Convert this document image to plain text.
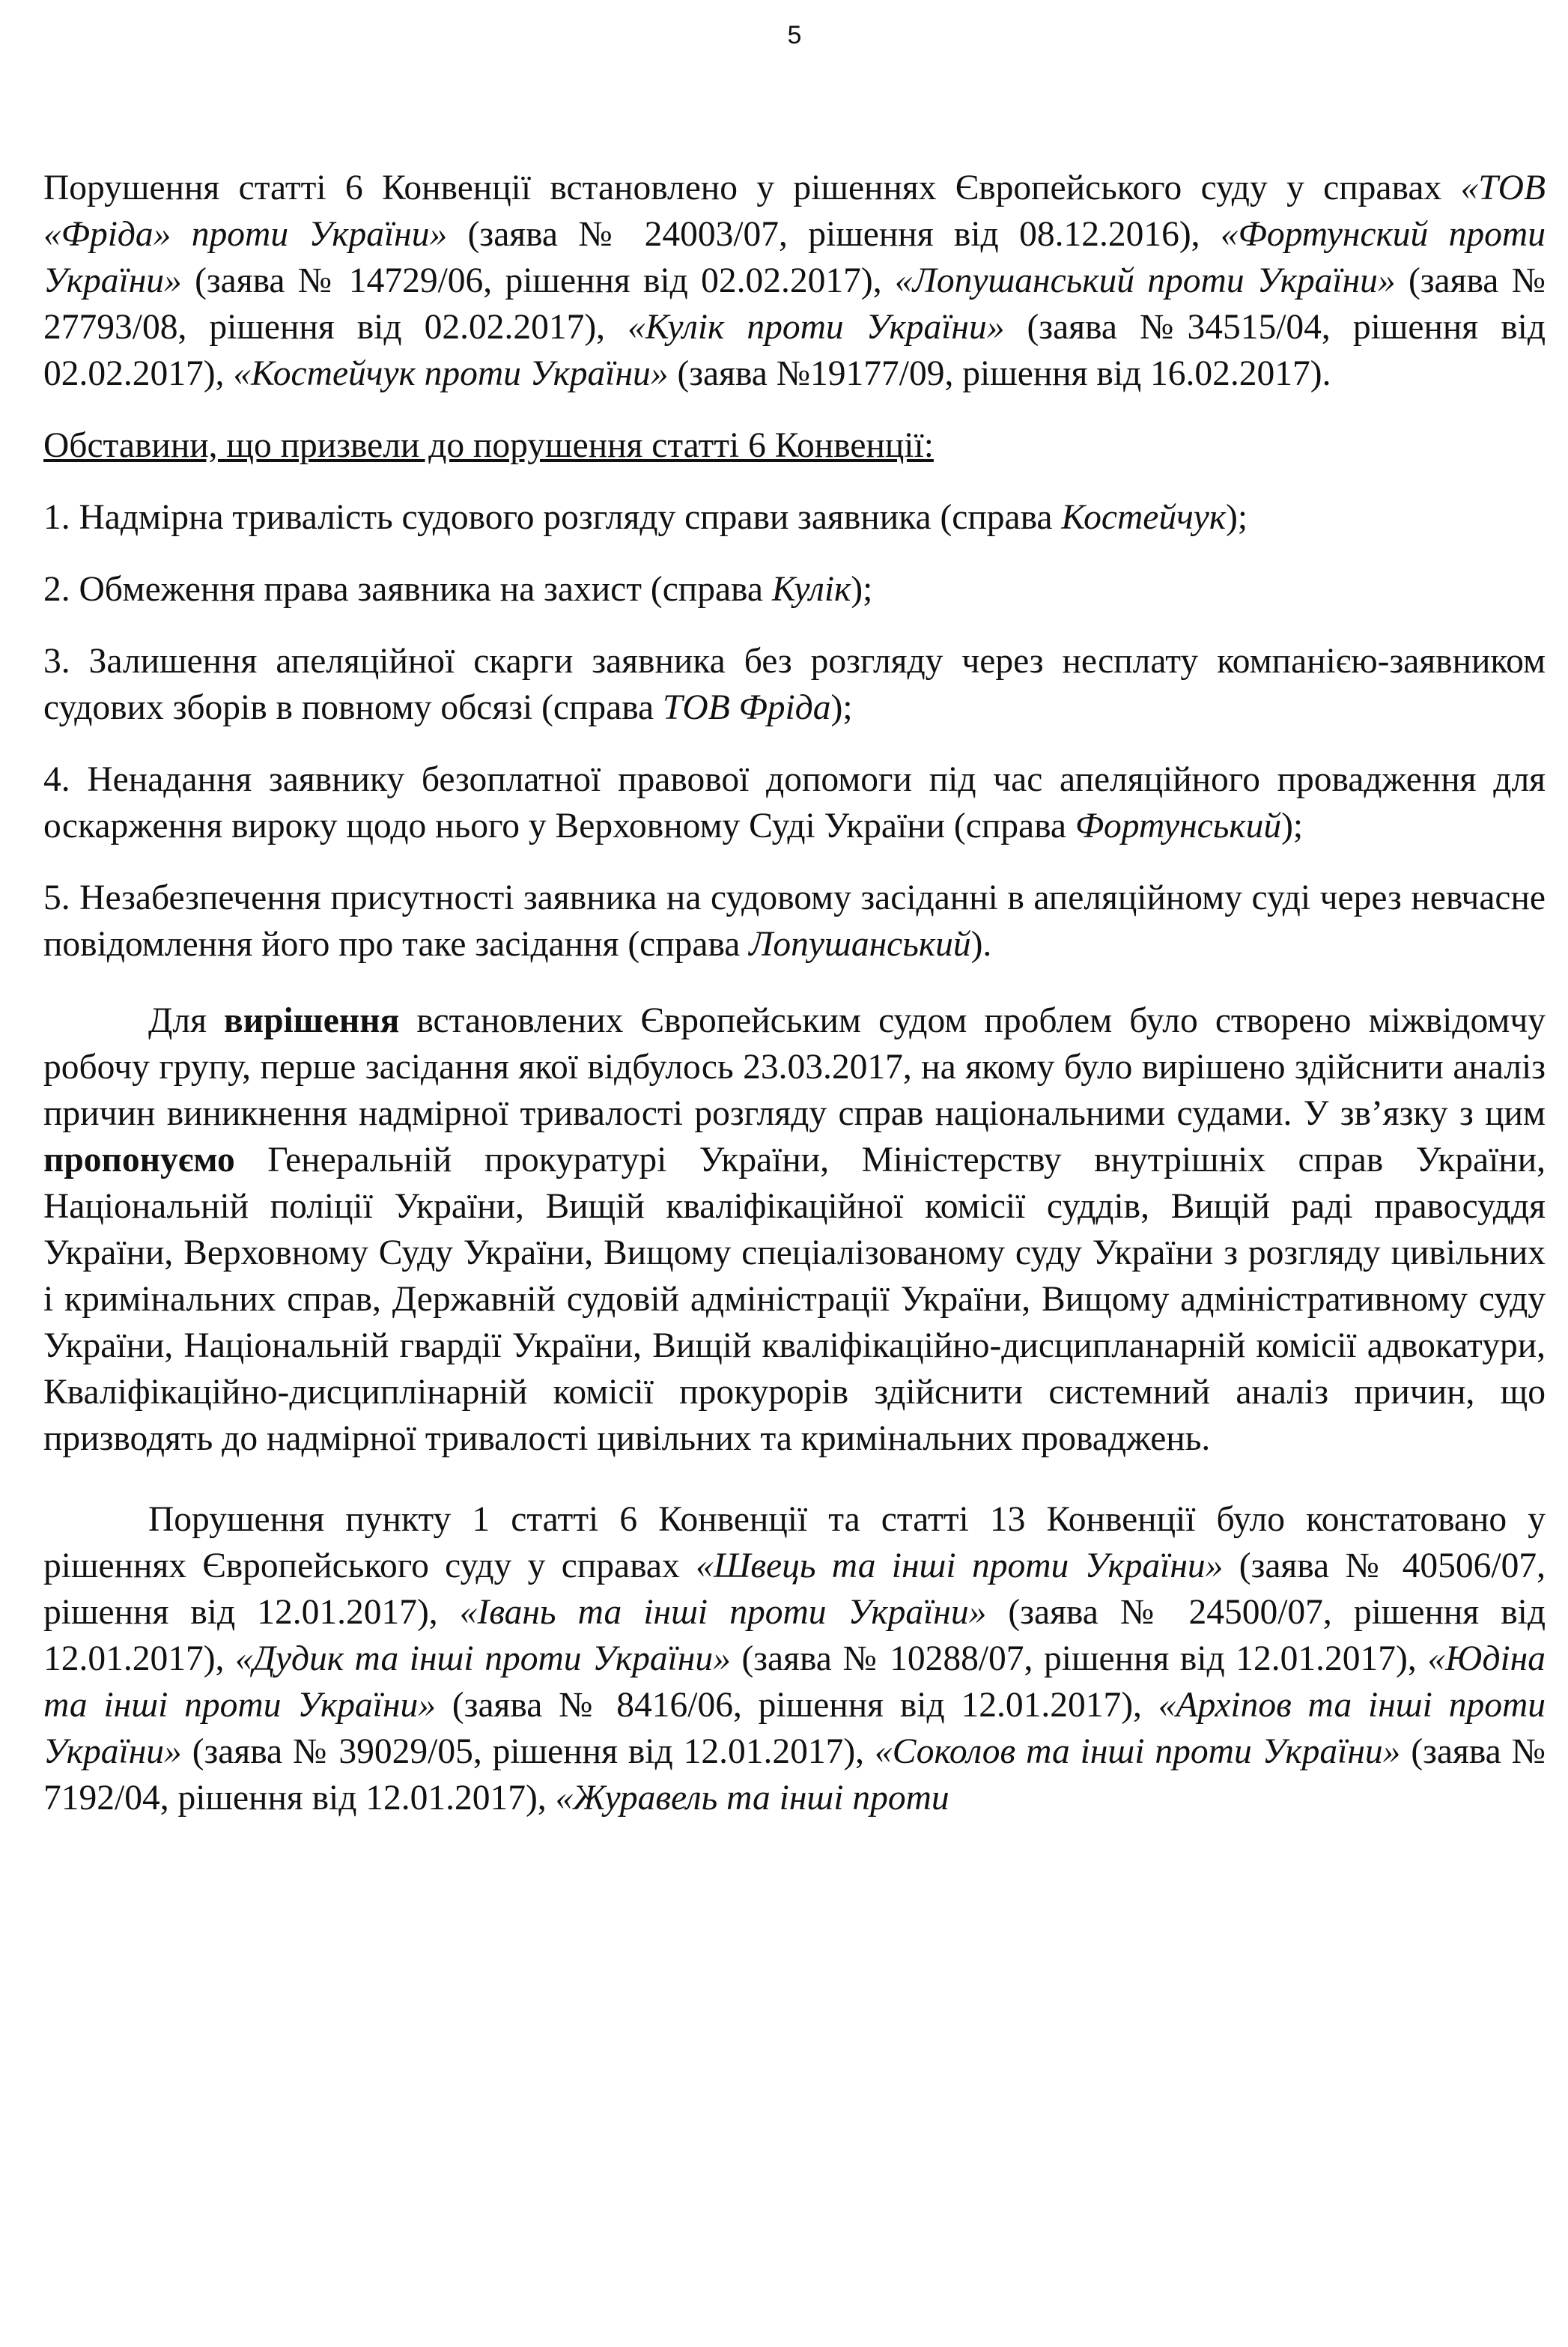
5

Порушення статті 6 Конвенції встановлено у рішеннях Європейського суду у справах «ТОВ «Фріда» проти України» (заява № 24003/07, рішення від 08.12.2016), «Фортунский проти України» (заява № 14729/06, рішення від 02.02.2017), «Лопушанський проти України» (заява № 27793/08, рішення від 02.02.2017), «Кулік проти України» (заява №34515/04, рішення від 02.02.2017), «Костейчук проти України» (заява №19177/09, рішення від 16.02.2017).

Обставини, що призвели до порушення статті 6 Конвенції:

1. Надмірна тривалість судового розгляду справи заявника (справа Костейчук);

2. Обмеження права заявника на захист (справа Кулік);

3. Залишення апеляційної скарги заявника без розгляду через несплату компанією-заявником судових зборів в повному обсязі (справа ТОВ Фріда);

4. Ненадання заявнику безоплатної правової допомоги під час апеляційного провадження для оскарження вироку щодо нього у Верховному Суді України (справа Фортунський);

5. Незабезпечення присутності заявника на судовому засіданні в апеляційному суді через невчасне повідомлення його про таке засідання (справа Лопушанський).

Для вирішення встановлених Європейським судом проблем було створено міжвідомчу робочу групу, перше засідання якої відбулось 23.03.2017, на якому було вирішено здійснити аналіз причин виникнення надмірної тривалості розгляду справ національними судами. У зв’язку з цим пропонуємо Генеральній прокуратурі України, Міністерству внутрішніх справ України, Національній поліції України, Вищій кваліфікаційної комісії суддів, Вищій раді правосуддя України, Верховному Суду України, Вищому спеціалізованому суду України з розгляду цивільних і кримінальних справ, Державній судовій адміністрації України, Вищому адміністративному суду України, Національній гвардії України, Вищій кваліфікаційно-дисципланарній комісії адвокатури, Кваліфікаційно-дисциплінарній комісії прокурорів здійснити системний аналіз причин, що призводять до надмірної тривалості цивільних та кримінальних проваджень.

Порушення пункту 1 статті 6 Конвенції та статті 13 Конвенції було констатовано у рішеннях Європейського суду у справах «Швець та інші проти України» (заява № 40506/07, рішення від 12.01.2017), «Івань та інші проти України» (заява № 24500/07, рішення від 12.01.2017), «Дудик та інші проти України» (заява № 10288/07, рішення від 12.01.2017), «Юдіна та інші проти України» (заява № 8416/06, рішення від 12.01.2017), «Архіпов та інші проти України» (заява № 39029/05, рішення від 12.01.2017), «Соколов та інші проти України» (заява № 7192/04, рішення від 12.01.2017), «Журавель та інші проти
